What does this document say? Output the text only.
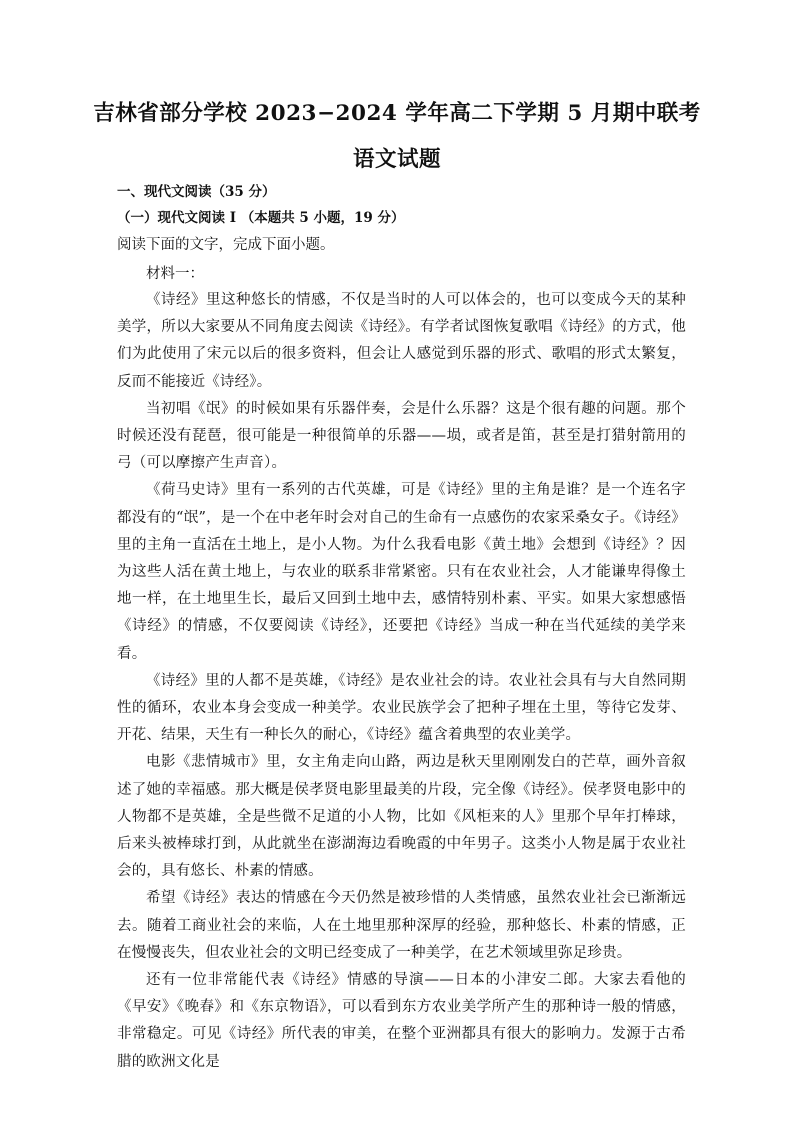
吉林省部分学校 2023−2024 学年高二下学期 5 月期中联考
语文试题

一、现代文阅读（35 分）

（一）现代文阅读 I （本题共 5 小题，19 分）

阅读下面的文字，完成下面小题。

材料一：

《诗经》里这种悠长的情感，不仅是当时的人可以体会的，也可以变成今天的某种美学，所以大家要从不同角度去阅读《诗经》。有学者试图恢复歌唱《诗经》的方式，他们为此使用了宋元以后的很多资料，但会让人感觉到乐器的形式、歌唱的形式太繁复，反而不能接近《诗经》。

当初唱《氓》的时候如果有乐器伴奏，会是什么乐器？这是个很有趣的问题。那个时候还没有琵琶，很可能是一种很简单的乐器——埙，或者是笛，甚至是打猎射箭用的弓（可以摩擦产生声音）。

《荷马史诗》里有一系列的古代英雄，可是《诗经》里的主角是谁？是一个连名字都没有的“氓”，是一个在中老年时会对自己的生命有一点感伤的农家采桑女子。《诗经》里的主角一直活在土地上，是小人物。为什么我看电影《黄土地》会想到《诗经》？因为这些人活在黄土地上，与农业的联系非常紧密。只有在农业社会，人才能谦卑得像土地一样，在土地里生长，最后又回到土地中去，感情特别朴素、平实。如果大家想感悟《诗经》的情感，不仅要阅读《诗经》，还要把《诗经》当成一种在当代延续的美学来看。

《诗经》里的人都不是英雄，《诗经》是农业社会的诗。农业社会具有与大自然同期性的循环，农业本身会变成一种美学。农业民族学会了把种子埋在土里，等待它发芽、开花、结果，天生有一种长久的耐心，《诗经》蕴含着典型的农业美学。

电影《悲情城市》里，女主角走向山路，两边是秋天里刚刚发白的芒草，画外音叙述了她的幸福感。那大概是侯孝贤电影里最美的片段，完全像《诗经》。侯孝贤电影中的人物都不是英雄，全是些微不足道的小人物，比如《风柜来的人》里那个早年打棒球，后来头被棒球打到，从此就坐在澎湖海边看晚霞的中年男子。这类小人物是属于农业社会的，具有悠长、朴素的情感。

希望《诗经》表达的情感在今天仍然是被珍惜的人类情感，虽然农业社会已渐渐远去。随着工商业社会的来临，人在土地里那种深厚的经验，那种悠长、朴素的情感，正在慢慢丧失，但农业社会的文明已经变成了一种美学，在艺术领域里弥足珍贵。

还有一位非常能代表《诗经》情感的导演——日本的小津安二郎。大家去看他的《早安》《晚春》和《东京物语》，可以看到东方农业美学所产生的那种诗一般的情感，非常稳定。可见《诗经》所代表的审美，在整个亚洲都具有很大的影响力。发源于古希腊的欧洲文化是
